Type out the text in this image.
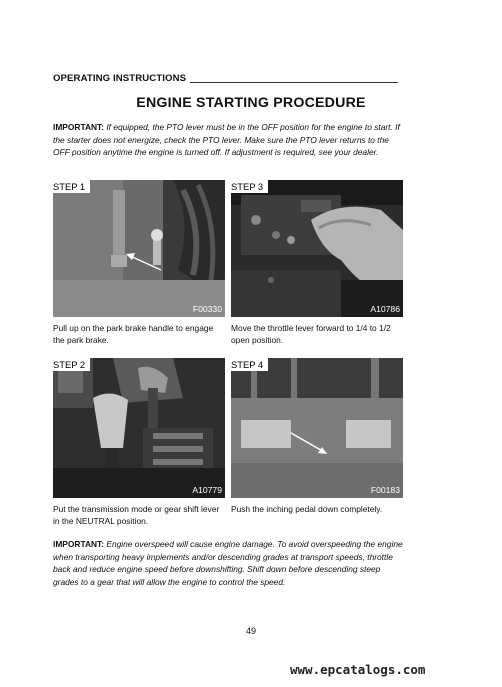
OPERATING INSTRUCTIONS
ENGINE STARTING PROCEDURE
IMPORTANT: If equipped, the PTO lever must be in the OFF position for the engine to start. If the starter does not energize, check the PTO lever. Make sure the PTO lever returns to the OFF position anytime the engine is turned off. If adjustment is required, see your dealer.
STEP 1
F00330
Pull up on the park brake handle to engage the park brake.
STEP 3
A10786
Move the throttle lever forward to 1/4 to 1/2 open position.
STEP 2
A10779
Put the transmission mode or gear shift lever in the NEUTRAL position.
STEP 4
F00183
Push the inching pedal down completely.
IMPORTANT: Engine overspeed will cause engine damage. To avoid overspeeding the engine when transporting heavy implements and/or descending grades at transport speeds, throttle back and reduce engine speed before downshifting. Shift down before descending steep grades to a gear that will allow the engine to control the speed.
49
www.epcatalogs.com
